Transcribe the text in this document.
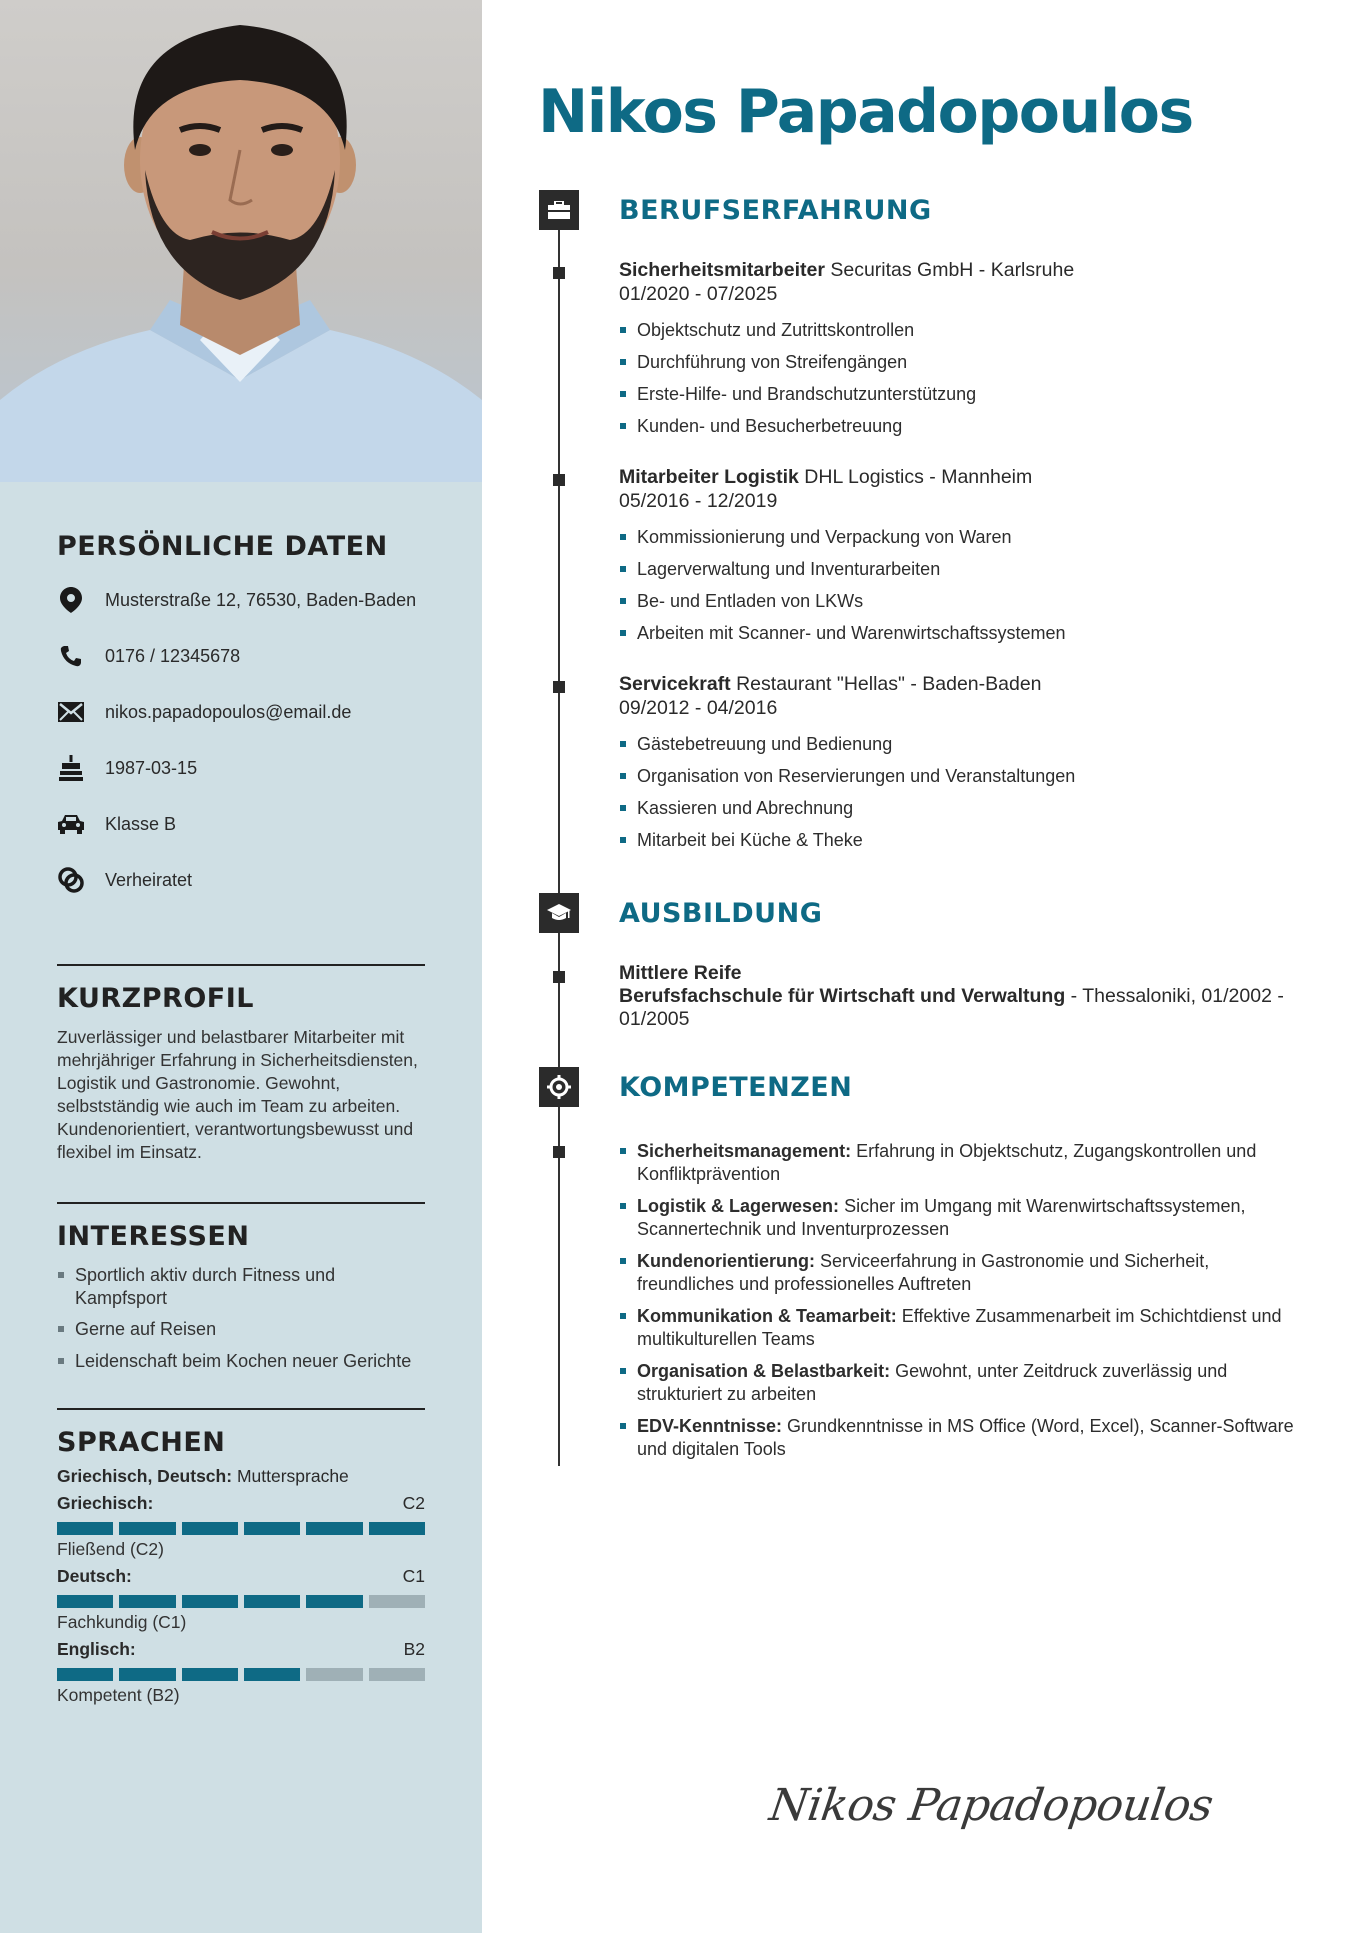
PERSÖNLICHE DATEN
Musterstraße 12, 76530, Baden-Baden
0176 / 12345678
nikos.papadopoulos@email.de
1987-03-15
Klasse B
Verheiratet
KURZPROFIL
Zuverlässiger und belastbarer Mitarbeiter mit mehrjähriger Erfahrung in Sicherheitsdiensten, Logistik und Gastronomie. Gewohnt, selbstständig wie auch im Team zu arbeiten. Kundenorientiert, verantwortungsbewusst und flexibel im Einsatz.
INTERESSEN
Sportlich aktiv durch Fitness und Kampfsport
Gerne auf Reisen
Leidenschaft beim Kochen neuer Gerichte
SPRACHEN
Griechisch, Deutsch: Muttersprache
Griechisch:	C2
Fließend (C2)
Deutsch:	C1
Fachkundig (C1)
Englisch:	B2
Kompetent (B2)
Nikos Papadopoulos
BERUFSERFAHRUNG
Sicherheitsmitarbeiter Securitas GmbH - Karlsruhe
01/2020 - 07/2025
Objektschutz und Zutrittskontrollen
Durchführung von Streifengängen
Erste-Hilfe- und Brandschutzunterstützung
Kunden- und Besucherbetreuung
Mitarbeiter Logistik DHL Logistics - Mannheim
05/2016 - 12/2019
Kommissionierung und Verpackung von Waren
Lagerverwaltung und Inventurarbeiten
Be- und Entladen von LKWs
Arbeiten mit Scanner- und Warenwirtschaftssystemen
Servicekraft Restaurant "Hellas" - Baden-Baden
09/2012 - 04/2016
Gästebetreuung und Bedienung
Organisation von Reservierungen und Veranstaltungen
Kassieren und Abrechnung
Mitarbeit bei Küche & Theke
AUSBILDUNG
Mittlere Reife
Berufsfachschule für Wirtschaft und Verwaltung - Thessaloniki, 01/2002 - 01/2005
KOMPETENZEN
Sicherheitsmanagement: Erfahrung in Objektschutz, Zugangskontrollen und Konfliktprävention
Logistik & Lagerwesen: Sicher im Umgang mit Warenwirtschaftssystemen, Scannertechnik und Inventurprozessen
Kundenorientierung: Serviceerfahrung in Gastronomie und Sicherheit, freundliches und professionelles Auftreten
Kommunikation & Teamarbeit: Effektive Zusammenarbeit im Schichtdienst und multikulturellen Teams
Organisation & Belastbarkeit: Gewohnt, unter Zeitdruck zuverlässig und strukturiert zu arbeiten
EDV-Kenntnisse: Grundkenntnisse in MS Office (Word, Excel), Scanner-Software und digitalen Tools
Nikos Papadopoulos
